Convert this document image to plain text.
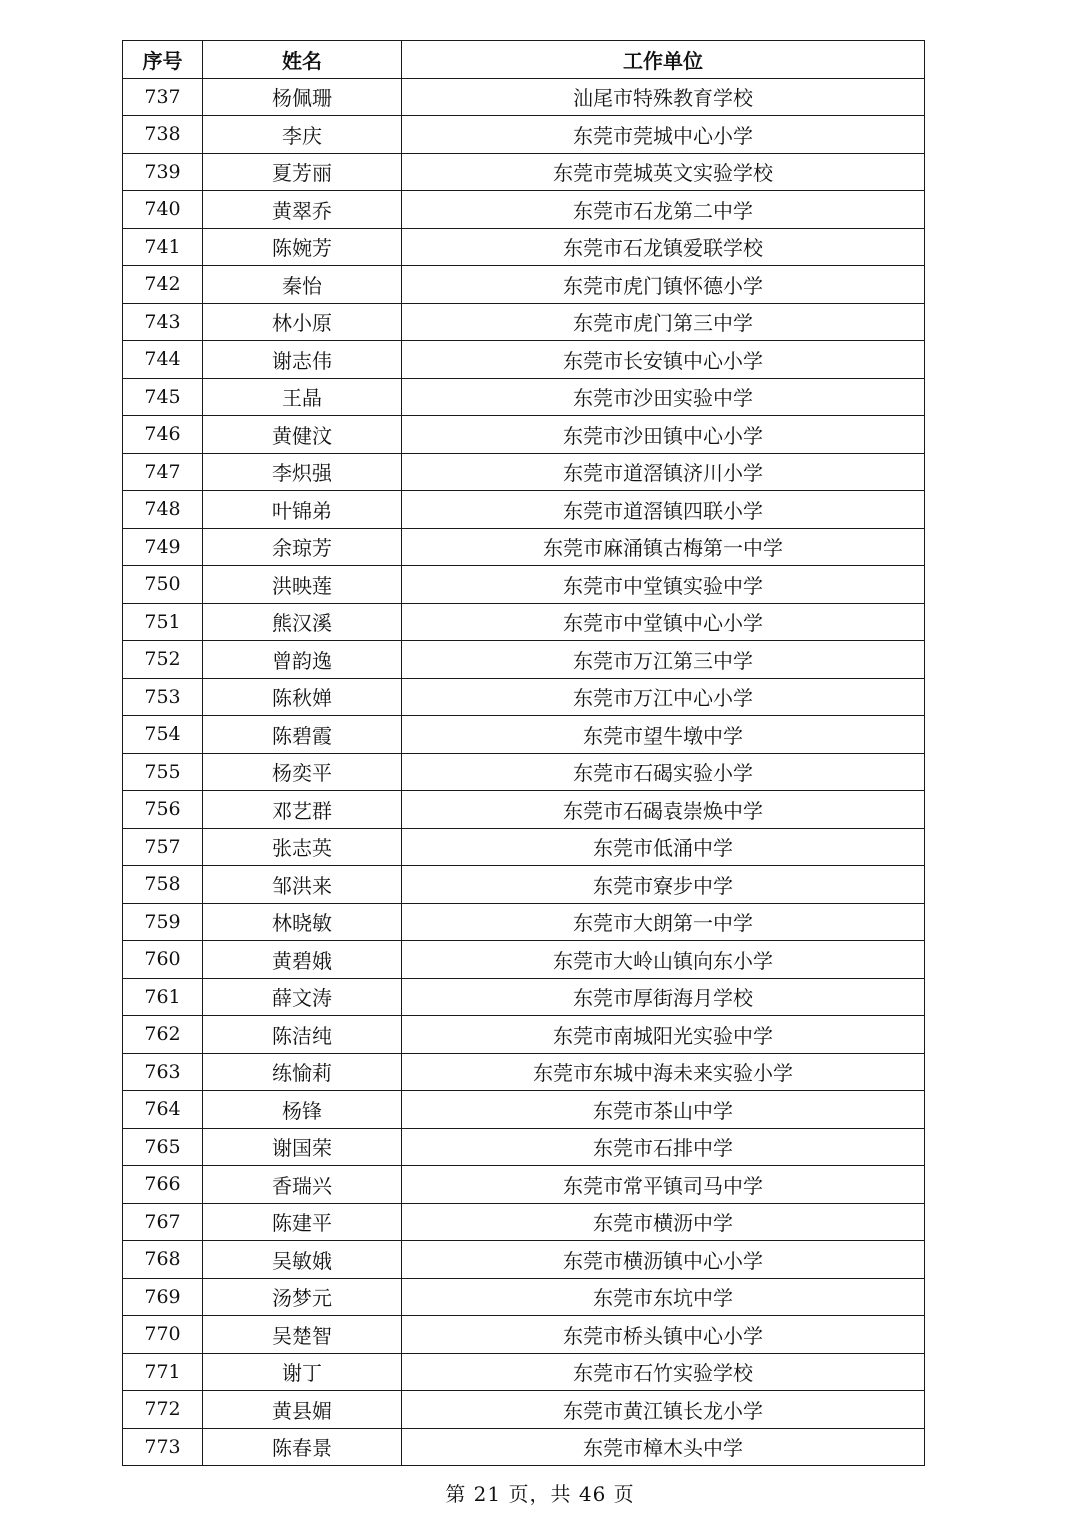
序号	姓名	工作单位
737	杨佩珊	汕尾市特殊教育学校
738	李庆	东莞市莞城中心小学
739	夏芳丽	东莞市莞城英文实验学校
740	黄翠乔	东莞市石龙第二中学
741	陈婉芳	东莞市石龙镇爱联学校
742	秦怡	东莞市虎门镇怀德小学
743	林小原	东莞市虎门第三中学
744	谢志伟	东莞市长安镇中心小学
745	王晶	东莞市沙田实验中学
746	黄健汶	东莞市沙田镇中心小学
747	李炽强	东莞市道滘镇济川小学
748	叶锦弟	东莞市道滘镇四联小学
749	余琼芳	东莞市麻涌镇古梅第一中学
750	洪映莲	东莞市中堂镇实验中学
751	熊汉溪	东莞市中堂镇中心小学
752	曾韵逸	东莞市万江第三中学
753	陈秋婵	东莞市万江中心小学
754	陈碧霞	东莞市望牛墩中学
755	杨奕平	东莞市石碣实验小学
756	邓艺群	东莞市石碣袁崇焕中学
757	张志英	东莞市低涌中学
758	邹洪来	东莞市寮步中学
759	林晓敏	东莞市大朗第一中学
760	黄碧娥	东莞市大岭山镇向东小学
761	薛文涛	东莞市厚街海月学校
762	陈洁纯	东莞市南城阳光实验中学
763	练愉莉	东莞市东城中海未来实验小学
764	杨锋	东莞市茶山中学
765	谢国荣	东莞市石排中学
766	香瑞兴	东莞市常平镇司马中学
767	陈建平	东莞市横沥中学
768	吴敏娥	东莞市横沥镇中心小学
769	汤梦元	东莞市东坑中学
770	吴楚智	东莞市桥头镇中心小学
771	谢丁	东莞市石竹实验学校
772	黄县媚	东莞市黄江镇长龙小学
773	陈春景	东莞市樟木头中学
第 21 页，共 46 页
